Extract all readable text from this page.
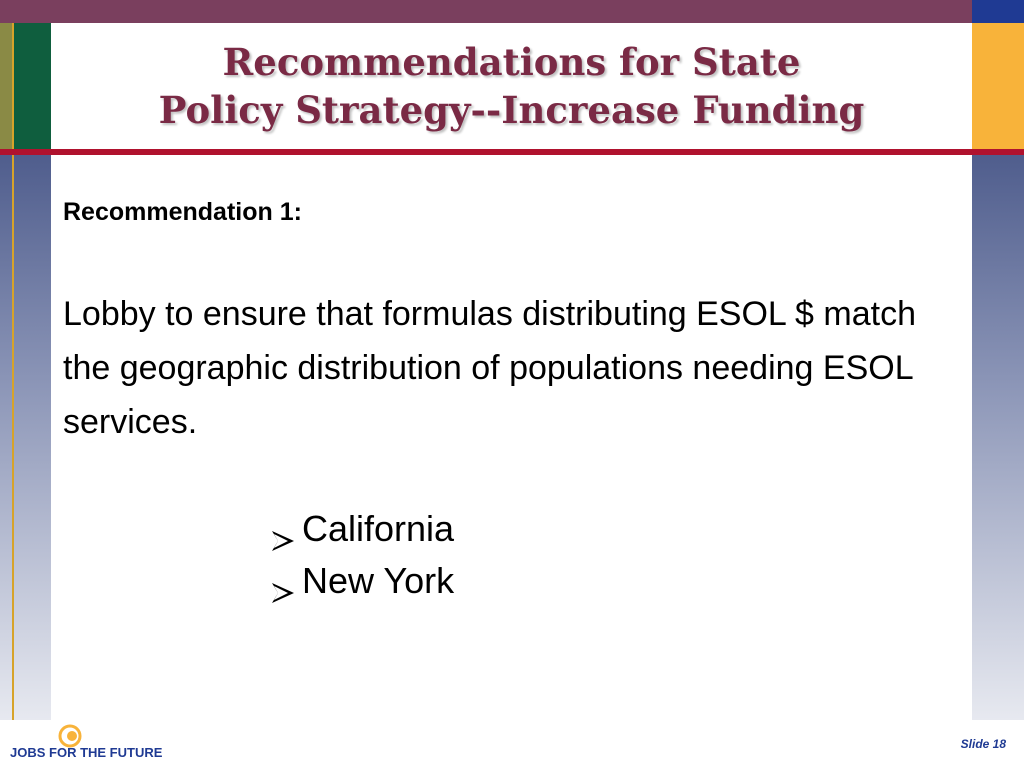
Recommendations for State
Policy Strategy--Increase Funding
Recommendation 1:
Lobby to ensure that formulas distributing ESOL $ match the geographic distribution of populations needing ESOL services.
California
New York
JOBS FOR THE FUTURE
Slide 18
